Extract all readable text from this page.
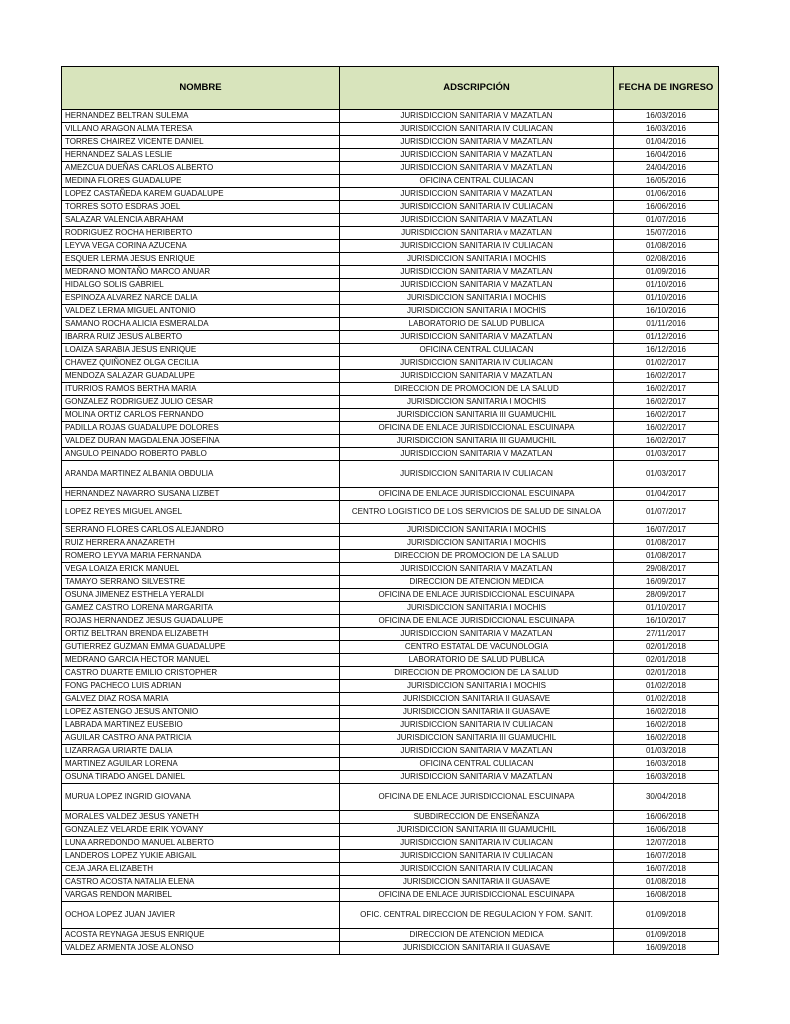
NOMBRE	ADSCRIPCIÓN	FECHA DE INGRESO
HERNANDEZ BELTRAN SULEMA	JURISDICCION SANITARIA V MAZATLAN	16/03/2016
VILLANO ARAGON ALMA TERESA	JURISDICCION SANITARIA IV CULIACAN	16/03/2016
TORRES CHAIREZ VICENTE DANIEL	JURISDICCION SANITARIA V MAZATLAN	01/04/2016
HERNANDEZ SALAS LESLIE	JURISDICCION SANITARIA V MAZATLAN	16/04/2016
AMEZCUA DUEÑAS CARLOS ALBERTO	JURISDICCION SANITARIA V MAZATLAN	24/04/2016
MEDINA FLORES GUADALUPE	OFICINA CENTRAL CULIACAN	16/05/2016
LOPEZ CASTAÑEDA KAREM GUADALUPE	JURISDICCION SANITARIA V MAZATLAN	01/06/2016
TORRES SOTO ESDRAS JOEL	JURISDICCION SANITARIA IV CULIACAN	16/06/2016
SALAZAR VALENCIA ABRAHAM	JURISDICCION SANITARIA V MAZATLAN	01/07/2016
RODRIGUEZ ROCHA HERIBERTO	JURISDICCION SANITARIA v MAZATLAN	15/07/2016
LEYVA VEGA CORINA AZUCENA	JURISDICCION SANITARIA IV CULIACAN	01/08/2016
ESQUER LERMA JESUS ENRIQUE	JURISDICCION SANITARIA I MOCHIS	02/08/2016
MEDRANO MONTAÑO MARCO ANUAR	JURISDICCION SANITARIA V MAZATLAN	01/09/2016
HIDALGO SOLIS GABRIEL	JURISDICCION SANITARIA V MAZATLAN	01/10/2016
ESPINOZA ALVAREZ NARCE DALIA	JURISDICCION SANITARIA I MOCHIS	01/10/2016
VALDEZ LERMA MIGUEL ANTONIO	JURISDICCION SANITARIA I MOCHIS	16/10/2016
SAMANO ROCHA ALICIA ESMERALDA	LABORATORIO DE SALUD PUBLICA	01/11/2016
IBARRA RUIZ JESUS ALBERTO	JURISDICCION SANITARIA V MAZATLAN	01/12/2016
LOAIZA SARABIA JESUS ENRIQUE	OFICINA CENTRAL CULIACAN	16/12/2016
CHAVEZ QUIÑONEZ OLGA CECILIA	JURISDICCION SANITARIA IV CULIACAN	01/02/2017
MENDOZA SALAZAR GUADALUPE	JURISDICCION SANITARIA V MAZATLAN	16/02/2017
ITURRIOS RAMOS BERTHA MARIA	DIRECCION DE PROMOCION DE LA SALUD	16/02/2017
GONZALEZ RODRIGUEZ JULIO CESAR	JURISDICCION SANITARIA I MOCHIS	16/02/2017
MOLINA ORTIZ CARLOS FERNANDO	JURISDICCION SANITARIA III GUAMUCHIL	16/02/2017
PADILLA ROJAS GUADALUPE DOLORES	OFICINA DE ENLACE JURISDICCIONAL ESCUINAPA	16/02/2017
VALDEZ DURAN MAGDALENA JOSEFINA	JURISDICCION SANITARIA III GUAMUCHIL	16/02/2017
ANGULO PEINADO ROBERTO PABLO	JURISDICCION SANITARIA V MAZATLAN	01/03/2017
ARANDA MARTINEZ ALBANIA OBDULIA	JURISDICCION SANITARIA IV CULIACAN	01/03/2017
HERNANDEZ NAVARRO SUSANA LIZBET	OFICINA DE ENLACE JURISDICCIONAL ESCUINAPA	01/04/2017
LOPEZ REYES MIGUEL ANGEL	CENTRO LOGISTICO DE LOS SERVICIOS DE SALUD DE SINALOA	01/07/2017
SERRANO FLORES CARLOS ALEJANDRO	JURISDICCION SANITARIA I MOCHIS	16/07/2017
RUIZ HERRERA ANAZARETH	JURISDICCION SANITARIA I MOCHIS	01/08/2017
ROMERO LEYVA MARIA FERNANDA	DIRECCION DE PROMOCION DE LA SALUD	01/08/2017
VEGA LOAIZA ERICK MANUEL	JURISDICCION SANITARIA V MAZATLAN	29/08/2017
TAMAYO SERRANO SILVESTRE	DIRECCION DE ATENCION MEDICA	16/09/2017
OSUNA JIMENEZ ESTHELA YERALDI	OFICINA DE ENLACE JURISDICCIONAL ESCUINAPA	28/09/2017
GAMEZ CASTRO LORENA MARGARITA	JURISDICCION SANITARIA I MOCHIS	01/10/2017
ROJAS HERNANDEZ JESUS GUADALUPE	OFICINA DE ENLACE JURISDICCIONAL ESCUINAPA	16/10/2017
ORTIZ BELTRAN BRENDA ELIZABETH	JURISDICCION SANITARIA V MAZATLAN	27/11/2017
GUTIERREZ GUZMAN EMMA GUADALUPE	CENTRO ESTATAL DE VACUNOLOGIA	02/01/2018
MEDRANO GARCIA HECTOR MANUEL	LABORATORIO DE SALUD PUBLICA	02/01/2018
CASTRO DUARTE EMILIO CRISTOPHER	DIRECCION DE PROMOCION DE LA SALUD	02/01/2018
FONG PACHECO LUIS ADRIAN	JURISDICCION SANITARIA I MOCHIS	01/02/2018
GALVEZ DIAZ ROSA MARIA	JURISDICCION SANITARIA II GUASAVE	01/02/2018
LOPEZ ASTENGO JESUS ANTONIO	JURISDICCION SANITARIA II GUASAVE	16/02/2018
LABRADA MARTINEZ EUSEBIO	JURISDICCION SANITARIA IV CULIACAN	16/02/2018
AGUILAR CASTRO ANA PATRICIA	JURISDICCION SANITARIA III GUAMUCHIL	16/02/2018
LIZARRAGA URIARTE DALIA	JURISDICCION SANITARIA V MAZATLAN	01/03/2018
MARTINEZ AGUILAR LORENA	OFICINA CENTRAL CULIACAN	16/03/2018
OSUNA TIRADO ANGEL DANIEL	JURISDICCION SANITARIA V MAZATLAN	16/03/2018
MURUA LOPEZ INGRID GIOVANA	OFICINA DE ENLACE JURISDICCIONAL ESCUINAPA	30/04/2018
MORALES VALDEZ JESUS YANETH	SUBDIRECCION DE ENSEÑANZA	16/06/2018
GONZALEZ VELARDE ERIK YOVANY	JURISDICCION SANITARIA III GUAMUCHIL	16/06/2018
LUNA ARREDONDO MANUEL ALBERTO	JURISDICCION SANITARIA IV CULIACAN	12/07/2018
LANDEROS LOPEZ YUKIE ABIGAIL	JURISDICCION SANITARIA IV CULIACAN	16/07/2018
CEJA JARA ELIZABETH	JURISDICCION SANITARIA IV CULIACAN	16/07/2018
CASTRO ACOSTA NATALIA ELENA	JURISDICCION SANITARIA II GUASAVE	01/08/2018
VARGAS RENDON MARIBEL	OFICINA DE ENLACE JURISDICCIONAL ESCUINAPA	16/08/2018
OCHOA LOPEZ JUAN JAVIER	OFIC. CENTRAL DIRECCION DE REGULACION Y FOM. SANIT.	01/09/2018
ACOSTA REYNAGA JESUS ENRIQUE	DIRECCION DE ATENCION MEDICA	01/09/2018
VALDEZ ARMENTA JOSE ALONSO	JURISDICCION SANITARIA II GUASAVE	16/09/2018
